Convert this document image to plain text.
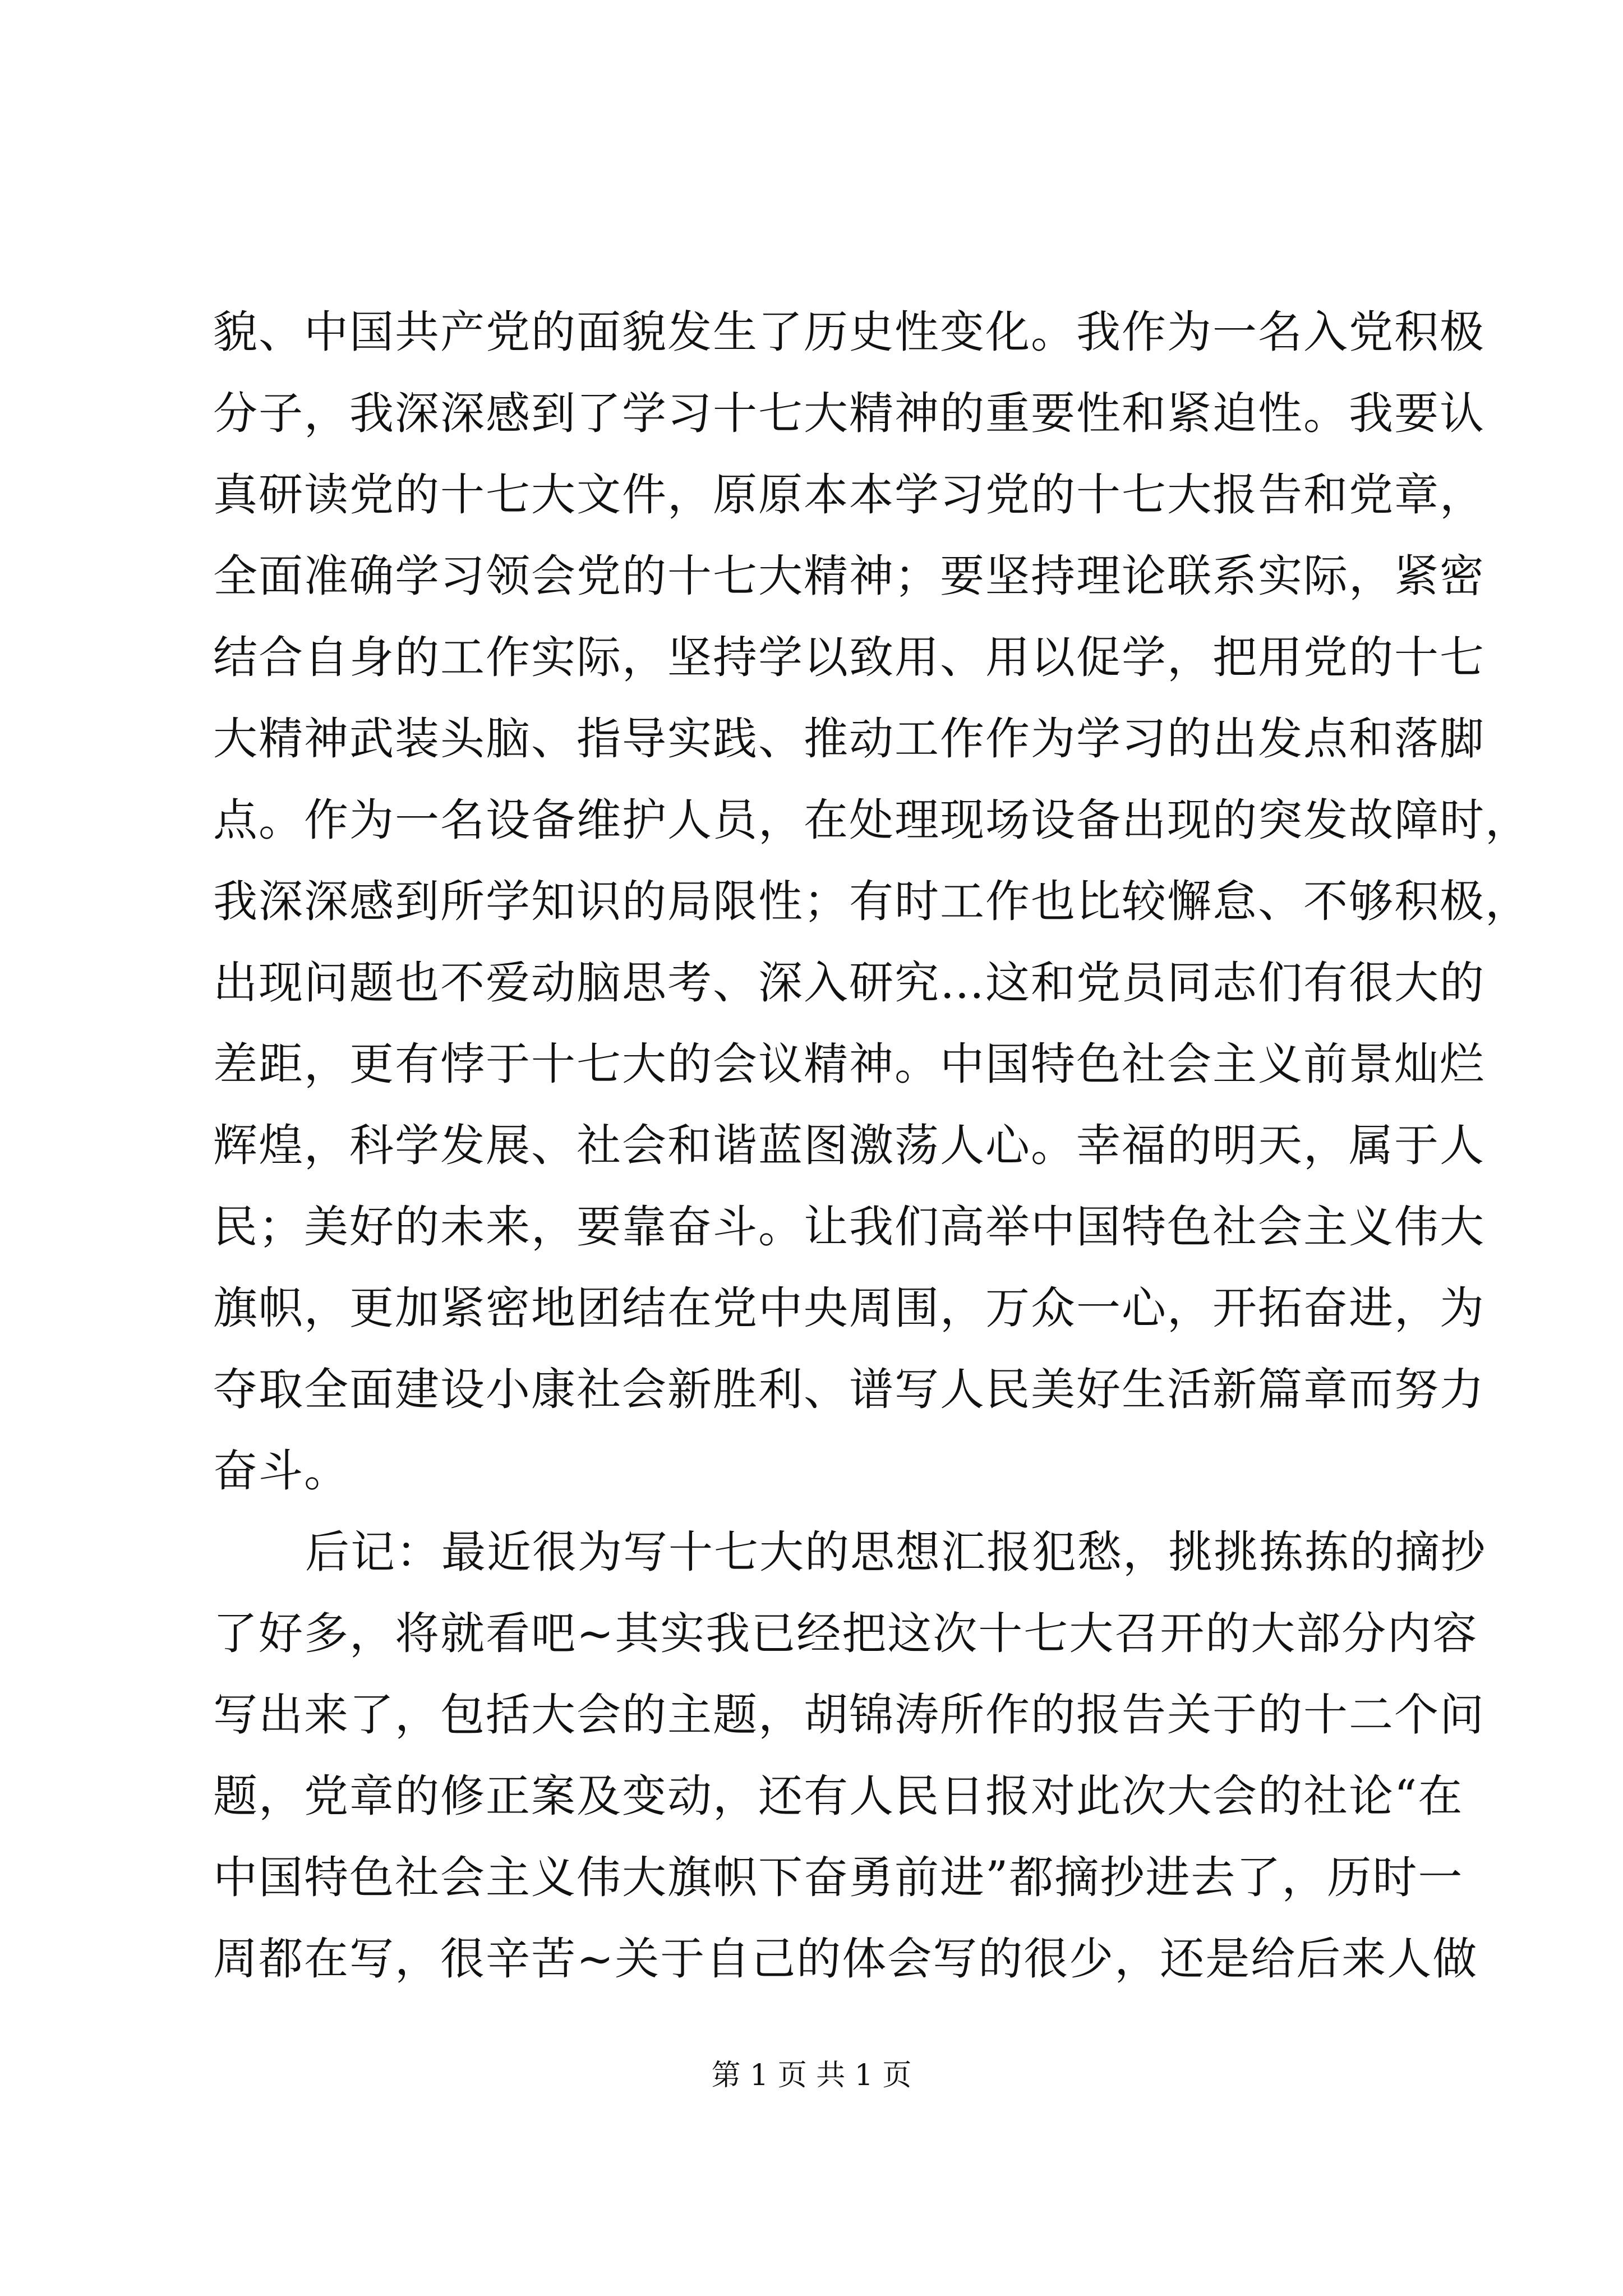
貌、中国共产党的面貌发生了历史性变化。我作为一名入党积极
分子，我深深感到了学习十七大精神的重要性和紧迫性。我要认
真研读党的十七大文件，原原本本学习党的十七大报告和党章，
全面准确学习领会党的十七大精神；要坚持理论联系实际，紧密
结合自身的工作实际，坚持学以致用、用以促学，把用党的十七
大精神武装头脑、指导实践、推动工作作为学习的出发点和落脚
点。作为一名设备维护人员，在处理现场设备出现的突发故障时，
我深深感到所学知识的局限性；有时工作也比较懈怠、不够积极，
出现问题也不爱动脑思考、深入研究…这和党员同志们有很大的
差距，更有悖于十七大的会议精神。中国特色社会主义前景灿烂
辉煌，科学发展、社会和谐蓝图激荡人心。幸福的明天，属于人
民；美好的未来，要靠奋斗。让我们高举中国特色社会主义伟大
旗帜，更加紧密地团结在党中央周围，万众一心，开拓奋进，为
夺取全面建设小康社会新胜利、谱写人民美好生活新篇章而努力
奋斗。
后记：最近很为写十七大的思想汇报犯愁，挑挑拣拣的摘抄
了好多，将就看吧~其实我已经把这次十七大召开的大部分内容
写出来了，包括大会的主题，胡锦涛所作的报告关于的十二个问
题，党章的修正案及变动，还有人民日报对此次大会的社论“在
中国特色社会主义伟大旗帜下奋勇前进”都摘抄进去了，历时一
周都在写，很辛苦~关于自己的体会写的很少，还是给后来人做
第 1 页 共 1 页
